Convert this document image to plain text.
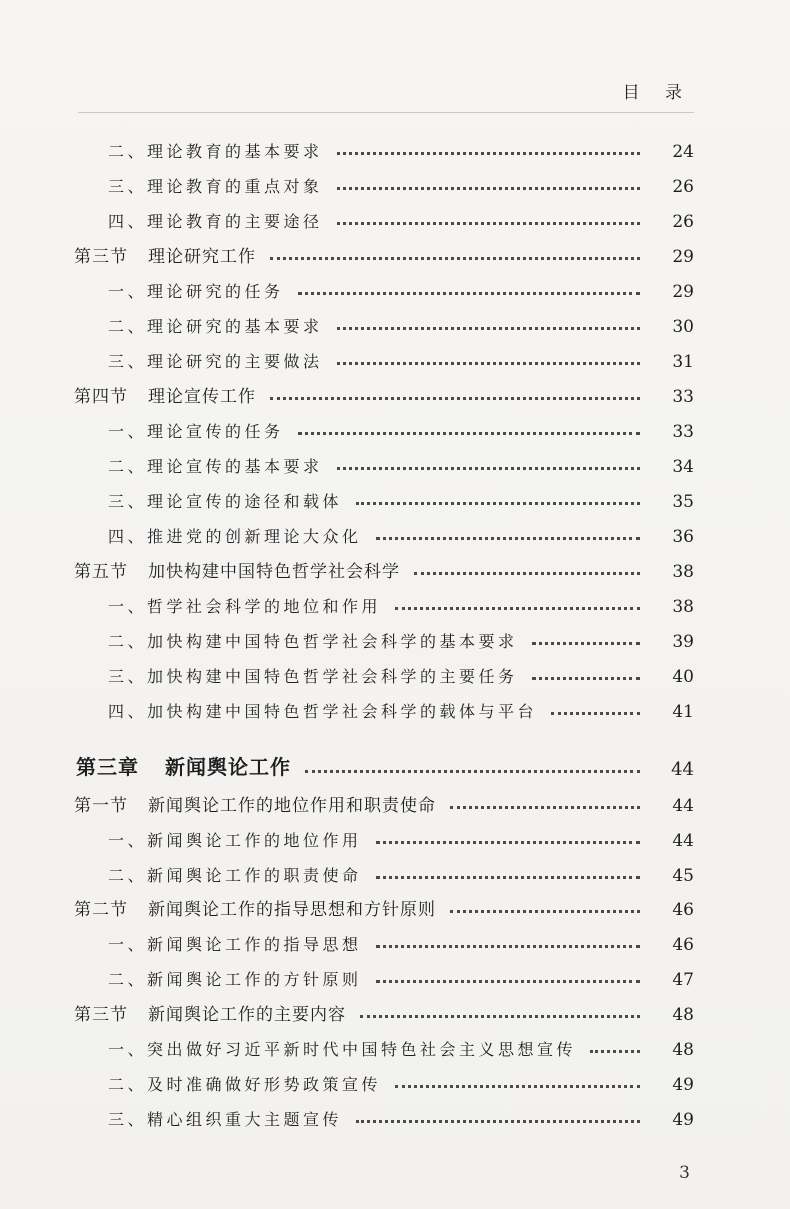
目 录
二、理论教育的基本要求	24
三、理论教育的重点对象	26
四、理论教育的主要途径	26
第三节 理论研究工作	29
一、理论研究的任务	29
二、理论研究的基本要求	30
三、理论研究的主要做法	31
第四节 理论宣传工作	33
一、理论宣传的任务	33
二、理论宣传的基本要求	34
三、理论宣传的途径和载体	35
四、推进党的创新理论大众化	36
第五节 加快构建中国特色哲学社会科学	38
一、哲学社会科学的地位和作用	38
二、加快构建中国特色哲学社会科学的基本要求	39
三、加快构建中国特色哲学社会科学的主要任务	40
四、加快构建中国特色哲学社会科学的载体与平台	41
第三章 新闻舆论工作	44
第一节 新闻舆论工作的地位作用和职责使命	44
一、新闻舆论工作的地位作用	44
二、新闻舆论工作的职责使命	45
第二节 新闻舆论工作的指导思想和方针原则	46
一、新闻舆论工作的指导思想	46
二、新闻舆论工作的方针原则	47
第三节 新闻舆论工作的主要内容	48
一、突出做好习近平新时代中国特色社会主义思想宣传	48
二、及时准确做好形势政策宣传	49
三、精心组织重大主题宣传	49
3
